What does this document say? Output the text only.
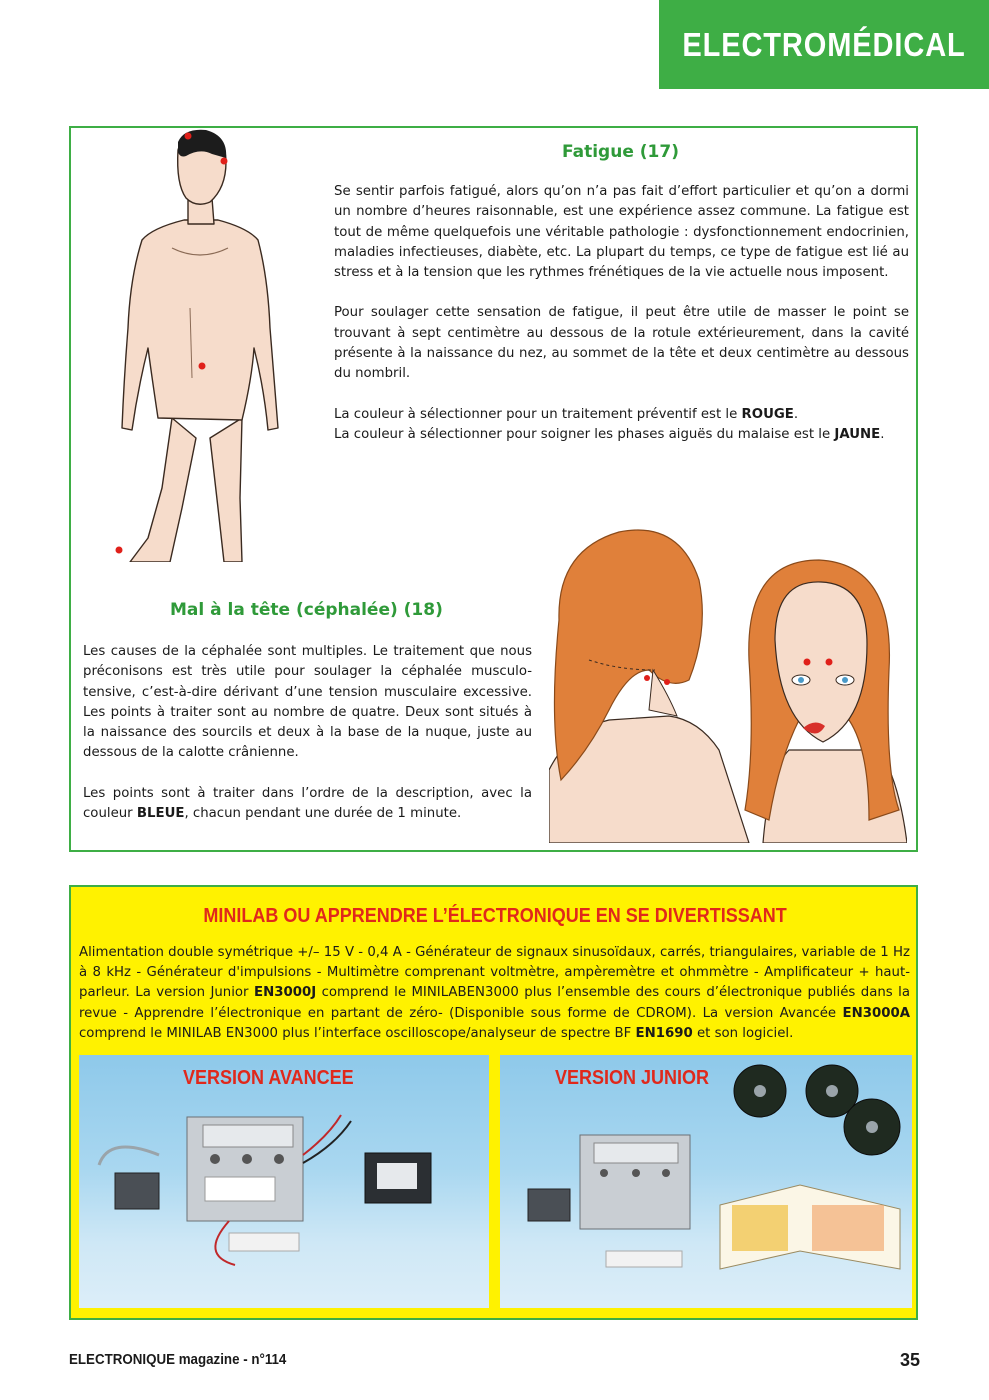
ELECTROMÉDICAL
Fatigue (17)

Se sentir parfois fatigué, alors qu’on n’a pas fait d’effort particulier et qu’on a dormi un nombre d’heures raisonnable, est une expérience assez commune. La fatigue est tout de même quelquefois une véritable pathologie : dysfonctionnement endocrinien, maladies infectieuses, diabète, etc. La plupart du temps, ce type de fatigue est lié au stress et à la tension que les rythmes frénétiques de la vie actuelle nous imposent.

Pour soulager cette sensation de fatigue, il peut être utile de masser le point se trouvant à sept centimètre au dessous de la rotule extérieurement, dans la cavité présente à la naissance du nez, au sommet de la tête et deux centimètre au dessous du nombril.

La couleur à sélectionner pour un traitement préventif est le ROUGE.
La couleur à sélectionner pour soigner les phases aiguës du malaise est le JAUNE.

Mal à la tête (céphalée) (18)

Les causes de la céphalée sont multiples. Le traitement que nous préconisons est très utile pour soulager la céphalée musculo-tensive, c’est-à-dire dérivant d’une tension musculaire excessive. Les points à traiter sont au nombre de quatre. Deux sont situés à la naissance des sourcils et deux à la base de la nuque, juste au dessous de la calotte crânienne.

Les points sont à traiter dans l’ordre de la description, avec la couleur BLEUE, chacun pendant une durée de 1 minute.

MINILAB OU APPRENDRE L’ÉLECTRONIQUE EN SE DIVERTISSANT
Alimentation double symétrique +/– 15 V - 0,4 A - Générateur de signaux sinusoïdaux, carrés, triangulaires, variable de 1 Hz à 8 kHz - Générateur d'impulsions - Multimètre comprenant voltmètre, ampèremètre et ohmmètre - Amplificateur + haut-parleur. La version Junior EN3000J comprend le MINILABEN3000 plus l’ensemble des cours d’électronique publiés dans la revue - Apprendre l’électronique en partant de zéro- (Disponible sous forme de CDROM). La version Avancée EN3000A comprend le MINILAB EN3000 plus l’interface oscilloscope/analyseur de spectre BF EN1690 et son logiciel.
VERSION AVANCEE	VERSION JUNIOR
ELECTRONIQUE magazine - n°114	35
